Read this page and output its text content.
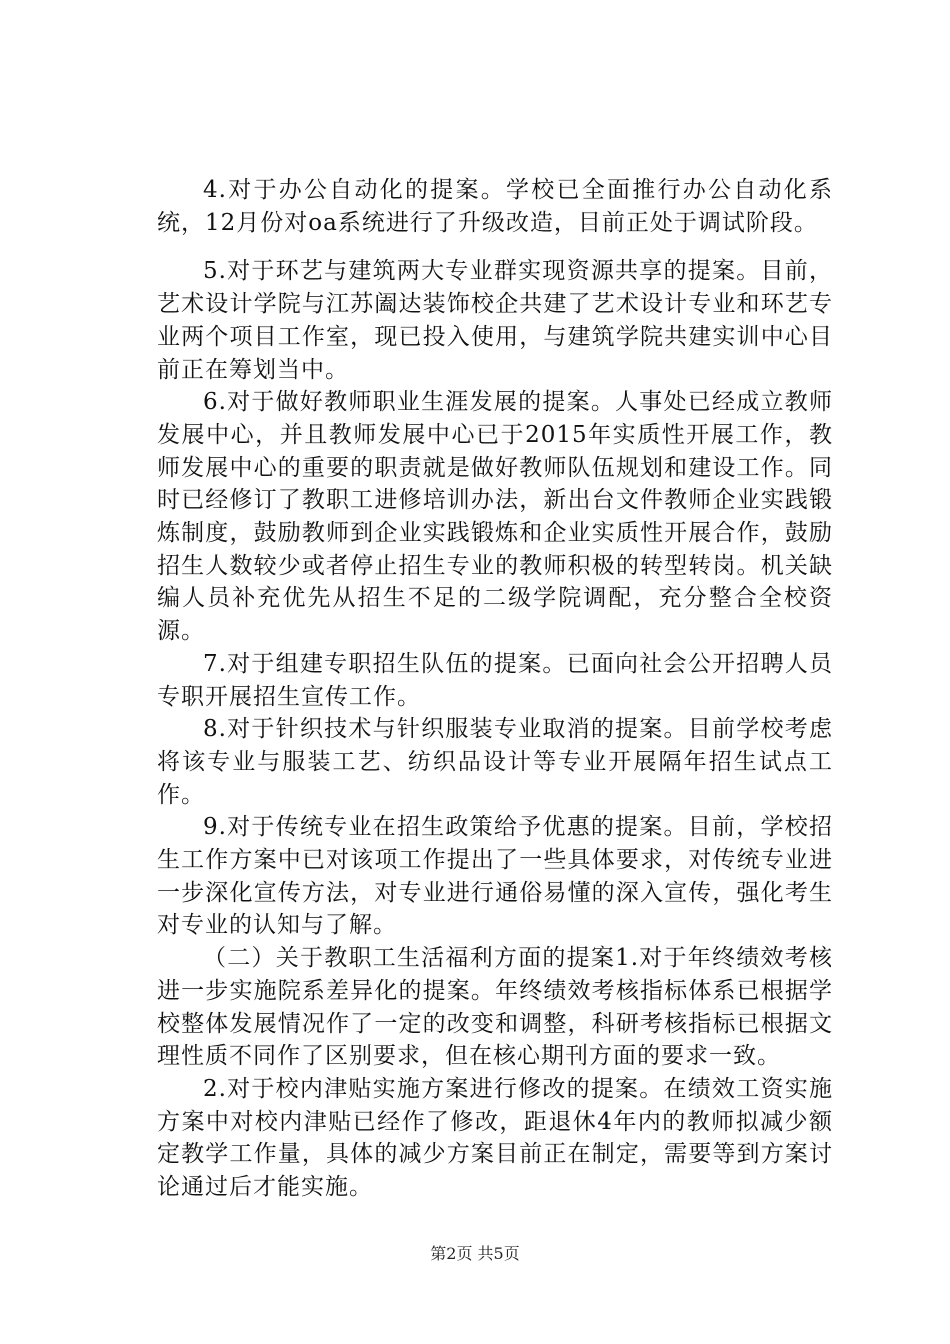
4.对于办公自动化的提案。学校已全面推行办公自动化系统，12月份对oa系统进行了升级改造，目前正处于调试阶段。

5.对于环艺与建筑两大专业群实现资源共享的提案。目前，艺术设计学院与江苏阖达装饰校企共建了艺术设计专业和环艺专业两个项目工作室，现已投入使用，与建筑学院共建实训中心目前正在筹划当中。

6.对于做好教师职业生涯发展的提案。人事处已经成立教师发展中心，并且教师发展中心已于2015年实质性开展工作，教师发展中心的重要的职责就是做好教师队伍规划和建设工作。同时已经修订了教职工进修培训办法，新出台文件教师企业实践锻炼制度，鼓励教师到企业实践锻炼和企业实质性开展合作，鼓励招生人数较少或者停止招生专业的教师积极的转型转岗。机关缺编人员补充优先从招生不足的二级学院调配，充分整合全校资源。

7.对于组建专职招生队伍的提案。已面向社会公开招聘人员专职开展招生宣传工作。

8.对于针织技术与针织服装专业取消的提案。目前学校考虑将该专业与服装工艺、纺织品设计等专业开展隔年招生试点工作。

9.对于传统专业在招生政策给予优惠的提案。目前，学校招生工作方案中已对该项工作提出了一些具体要求，对传统专业进一步深化宣传方法，对专业进行通俗易懂的深入宣传，强化考生对专业的认知与了解。

（二）关于教职工生活福利方面的提案1.对于年终绩效考核进一步实施院系差异化的提案。年终绩效考核指标体系已根据学校整体发展情况作了一定的改变和调整，科研考核指标已根据文理性质不同作了区别要求，但在核心期刊方面的要求一致。

2.对于校内津贴实施方案进行修改的提案。在绩效工资实施方案中对校内津贴已经作了修改，距退休4年内的教师拟减少额定教学工作量，具体的减少方案目前正在制定，需要等到方案讨论通过后才能实施。

第2页 共5页
